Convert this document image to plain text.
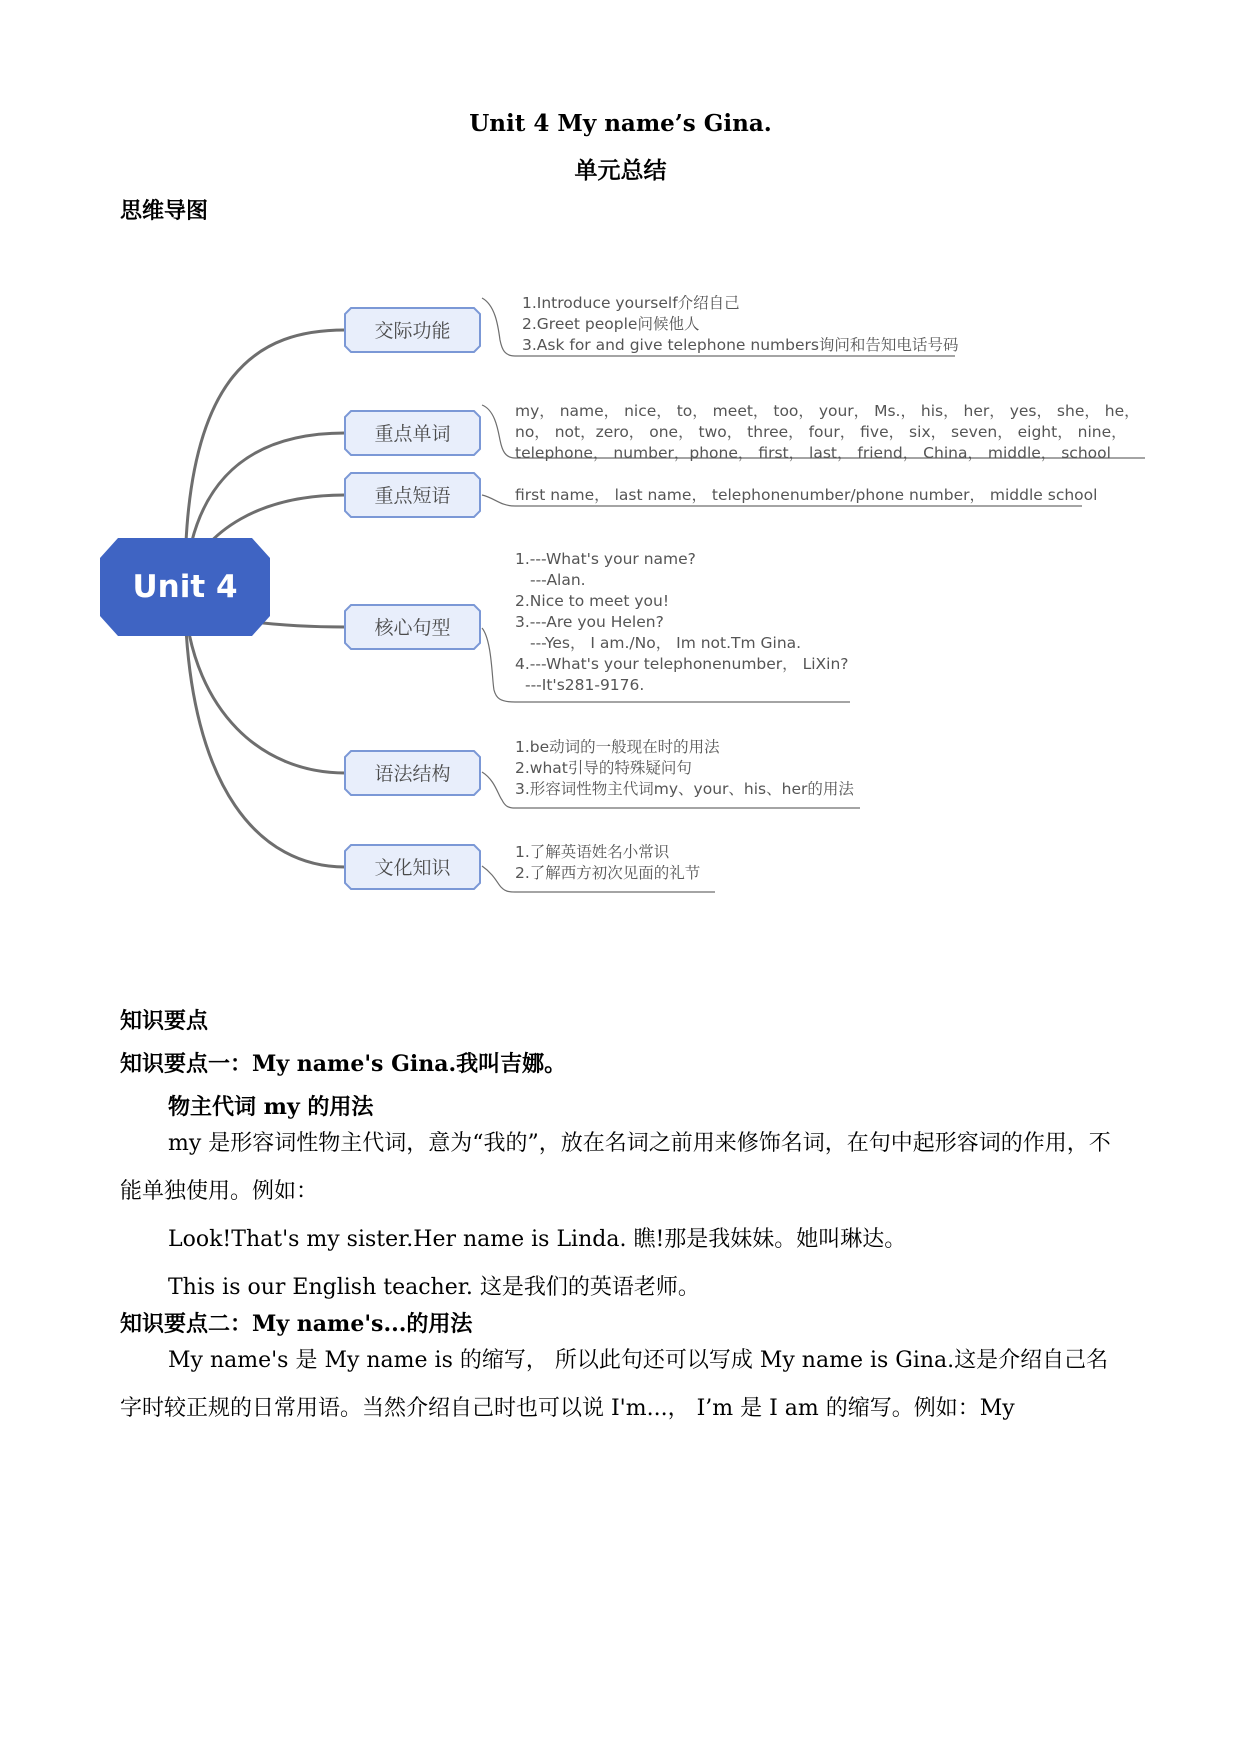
Unit 4 My name’s Gina.
单元总结
思维导图
Unit 4
交际功能
重点单词
重点短语
核心句型
语法结构
文化知识
1.Introduce yourself介绍自己
2.Greet people问候他人
3.Ask for and give telephone numbers询问和告知电话号码
my， name， nice， to， meet， too， your， Ms.， his， her， yes， she， he，
no， not，zero， one， two， three， four， five， six， seven， eight， nine，
telephone， number，phone， first， last， friend， China， middle， school
first name， last name， telephonenumber/phone number， middle school
1.---What's your name?
---Alan.
2.Nice to meet you!
3.---Are you Helen?
---Yes， I am./No， Im not.Tm Gina.
4.---What's your telephonenumber， LiXin?
---It's281-9176.
1.be动词的一般现在时的用法
2.what引导的特殊疑问句
3.形容词性物主代词my、your、his、her的用法
1.了解英语姓名小常识
2.了解西方初次见面的礼节
知识要点
知识要点一：My name's Gina.我叫吉娜。
物主代词 my 的用法
my 是形容词性物主代词，意为“我的”，放在名词之前用来修饰名词，在句中起形容词的作用，不能单独使用。例如：
Look!That's my sister.Her name is Linda. 瞧!那是我妹妹。她叫琳达。
This is our English teacher. 这是我们的英语老师。
知识要点二：My name's...的用法
My name's 是 My name is 的缩写， 所以此句还可以写成 My name is Gina.这是介绍自己名字时较正规的日常用语。当然介绍自己时也可以说 I'm...， I’m 是 I am 的缩写。例如：My
